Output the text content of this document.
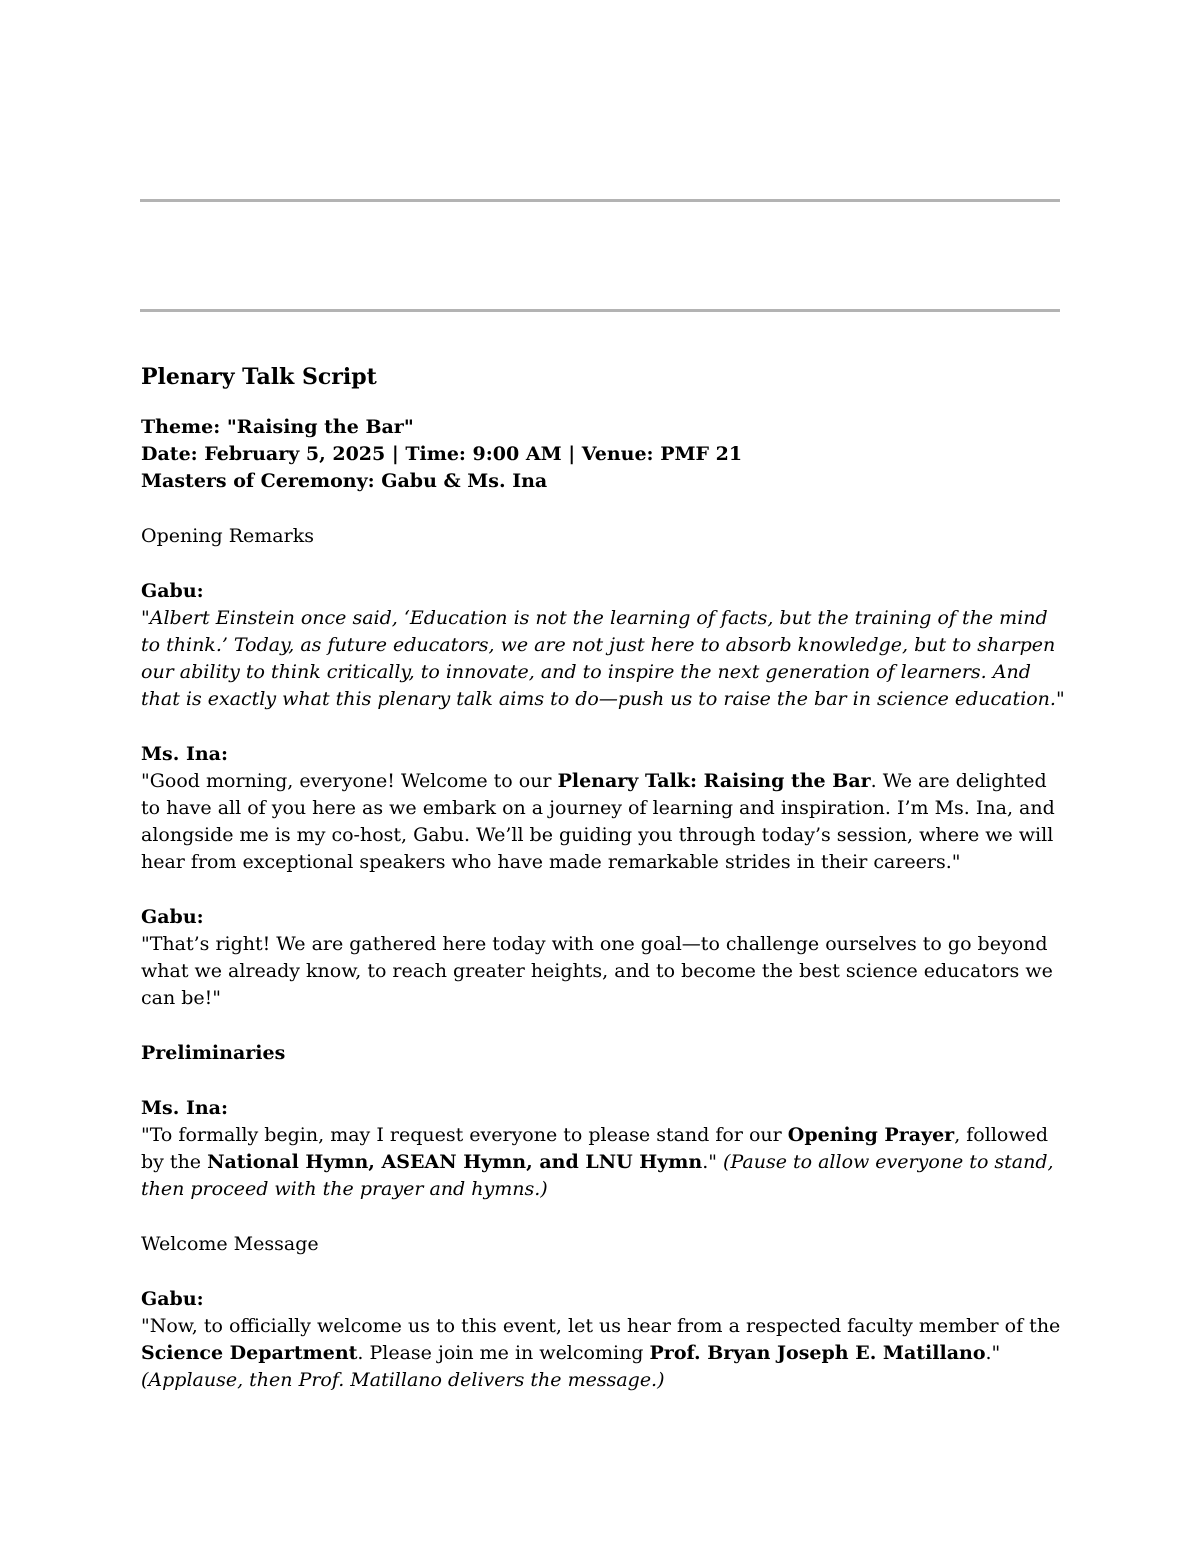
Plenary Talk Script

Theme: "Raising the Bar"
Date: February 5, 2025 | Time: 9:00 AM | Venue: PMF 21
Masters of Ceremony: Gabu & Ms. Ina

Opening Remarks

Gabu:

"Albert Einstein once said, ‘Education is not the learning of facts, but the training of the mind to think.’ Today, as future educators, we are not just here to absorb knowledge, but to sharpen our ability to think critically, to innovate, and to inspire the next generation of learners. And that is exactly what this plenary talk aims to do—push us to raise the bar in science education."

Ms. Ina:

"Good morning, everyone! Welcome to our Plenary Talk: Raising the Bar. We are delighted to have all of you here as we embark on a journey of learning and inspiration. I’m Ms. Ina, and alongside me is my co-host, Gabu. We’ll be guiding you through today’s session, where we will hear from exceptional speakers who have made remarkable strides in their careers."

Gabu:

"That’s right! We are gathered here today with one goal—to challenge ourselves to go beyond what we already know, to reach greater heights, and to become the best science educators we can be!"

Preliminaries

Ms. Ina:

"To formally begin, may I request everyone to please stand for our Opening Prayer, followed by the National Hymn, ASEAN Hymn, and LNU Hymn." (Pause to allow everyone to stand, then proceed with the prayer and hymns.)

Welcome Message

Gabu:

"Now, to officially welcome us to this event, let us hear from a respected faculty member of the Science Department. Please join me in welcoming Prof. Bryan Joseph E. Matillano."
(Applause, then Prof. Matillano delivers the message.)
